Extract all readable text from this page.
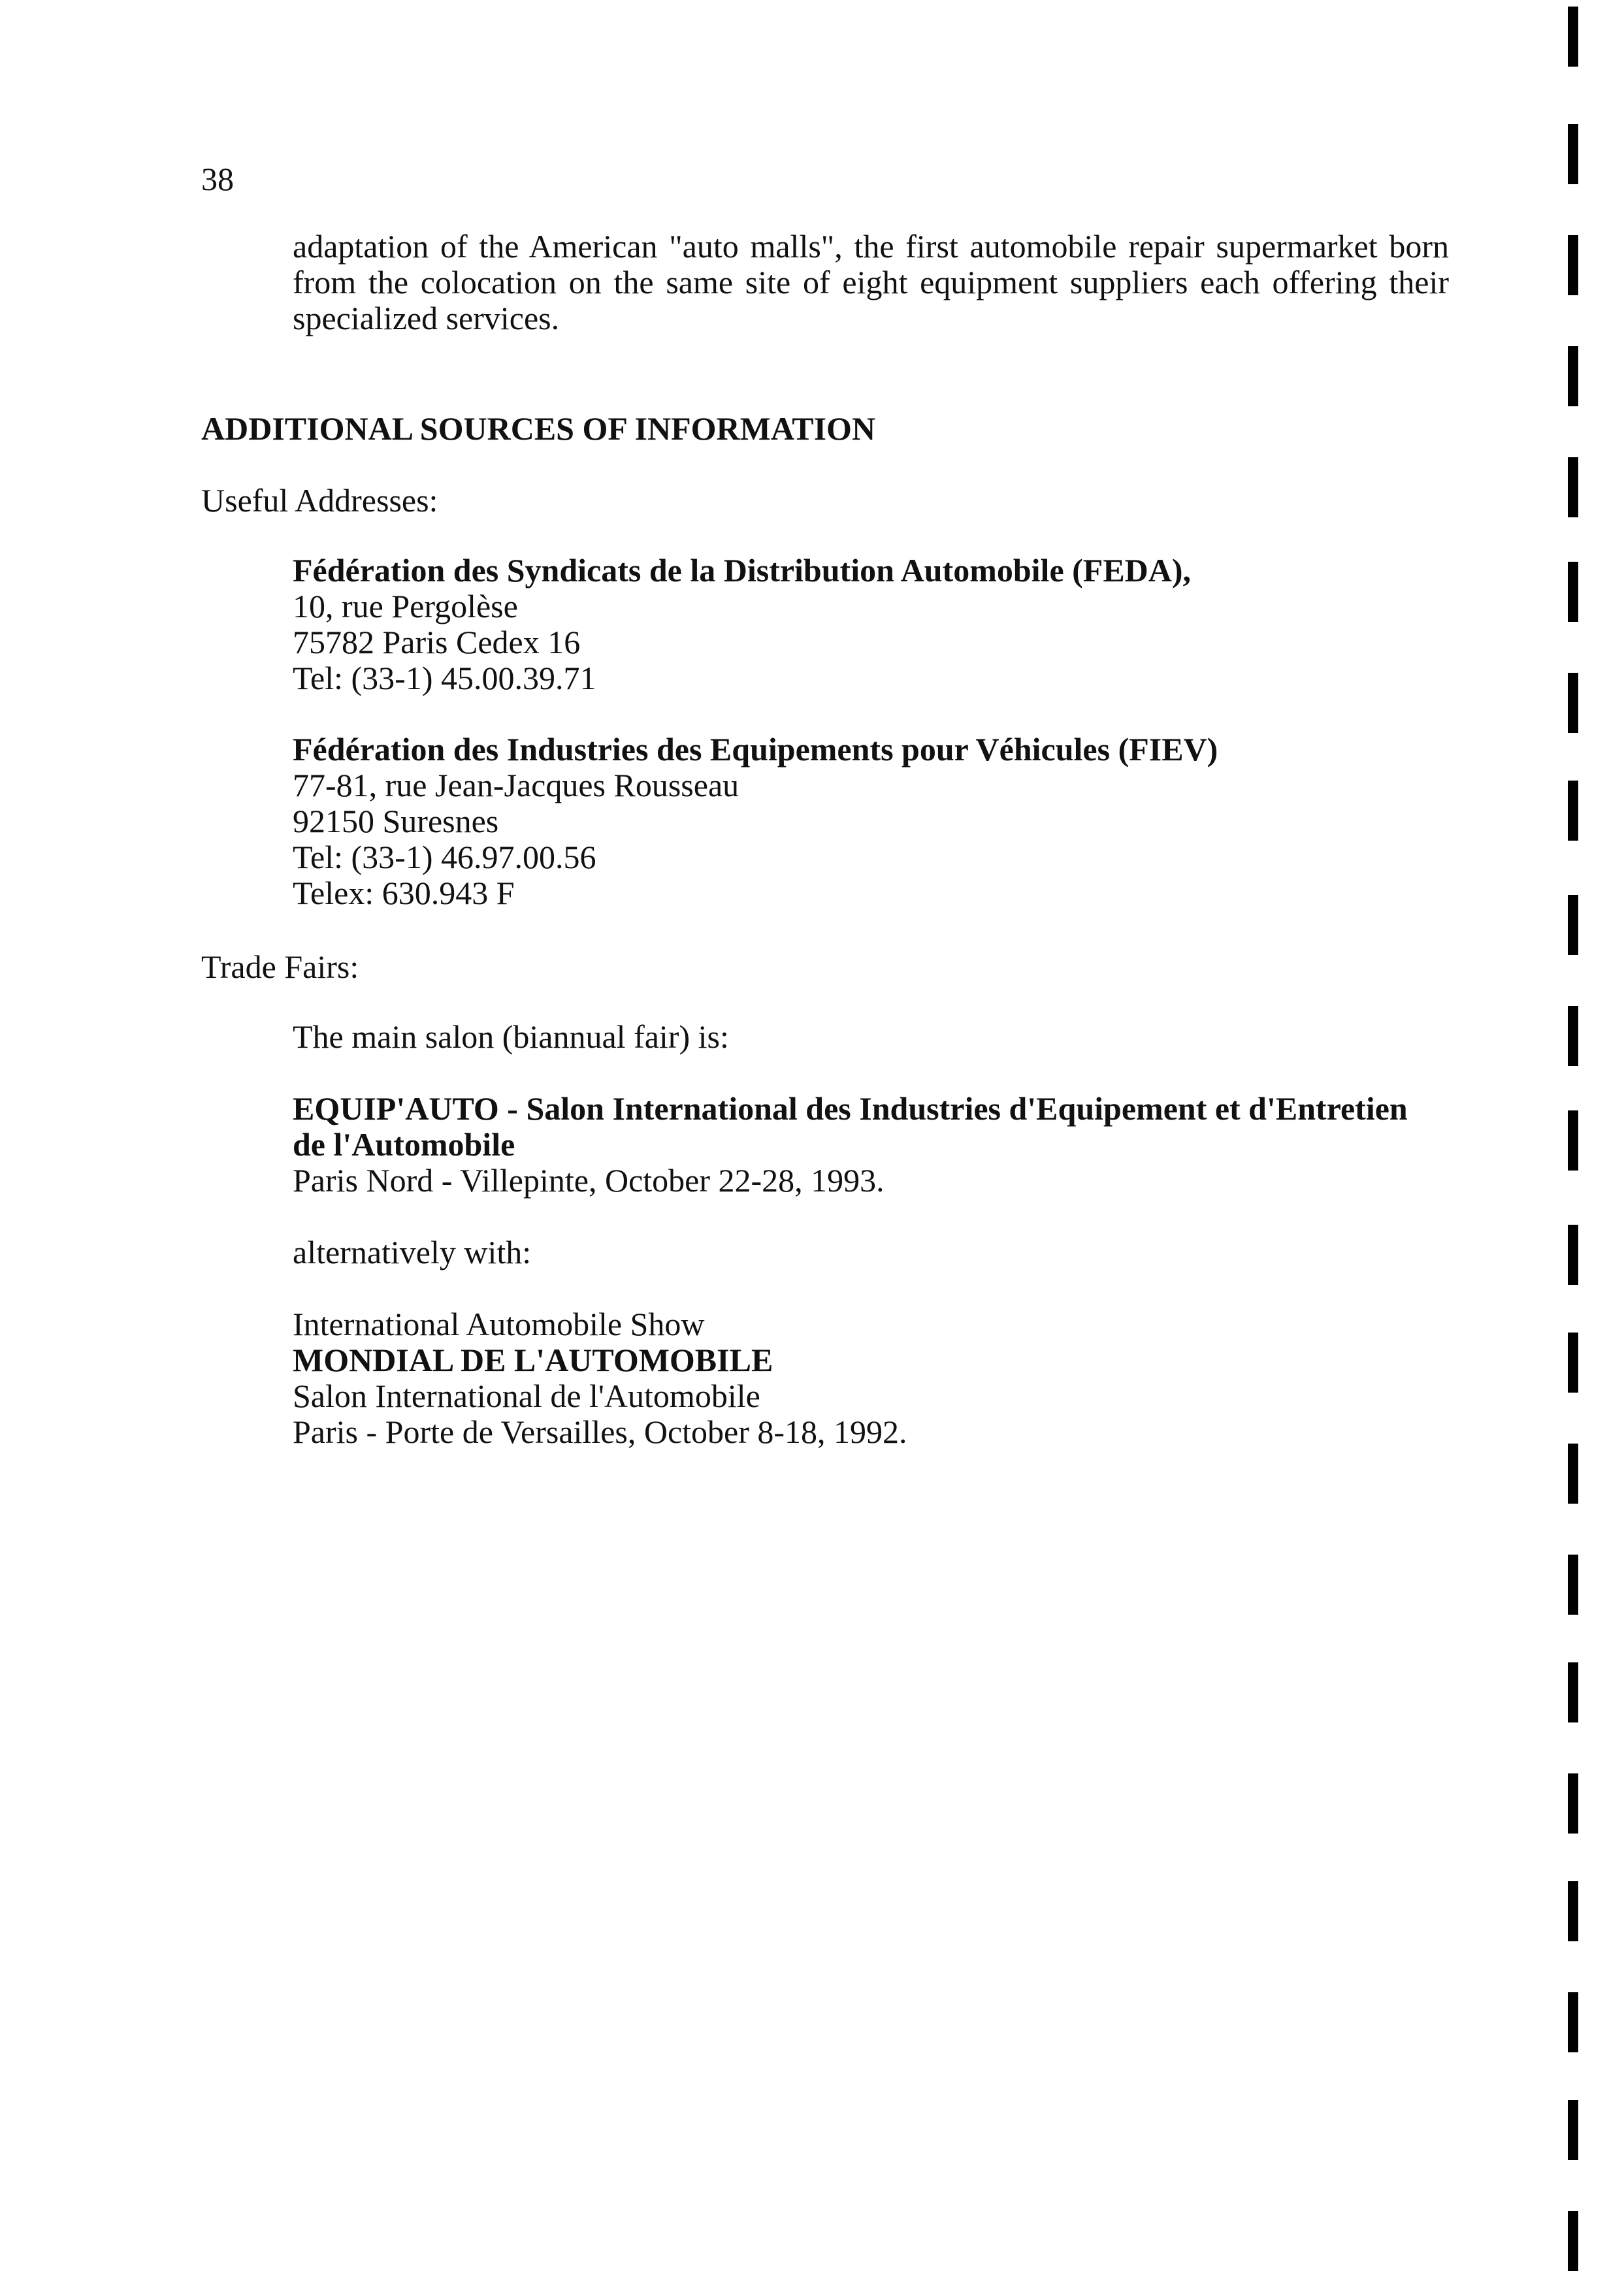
38

adaptation of the American "auto malls", the first automobile repair supermarket born from the colocation on the same site of eight equipment suppliers each offering their specialized services.

ADDITIONAL SOURCES OF INFORMATION

Useful Addresses:

Fédération des Syndicats de la Distribution Automobile (FEDA),
10, rue Pergolèse
75782 Paris Cedex 16
Tel: (33-1) 45.00.39.71
Fédération des Industries des Equipements pour Véhicules (FIEV)
77-81, rue Jean-Jacques Rousseau
92150 Suresnes
Tel: (33-1) 46.97.00.56
Telex: 630.943 F

Trade Fairs:

The main salon (biannual fair) is:
EQUIP'AUTO - Salon International des Industries d'Equipement et d'Entretien
de l'Automobile
Paris Nord - Villepinte, October 22-28, 1993.
alternatively with:
International Automobile Show
MONDIAL DE L'AUTOMOBILE
Salon International de l'Automobile
Paris - Porte de Versailles, October 8-18, 1992.
